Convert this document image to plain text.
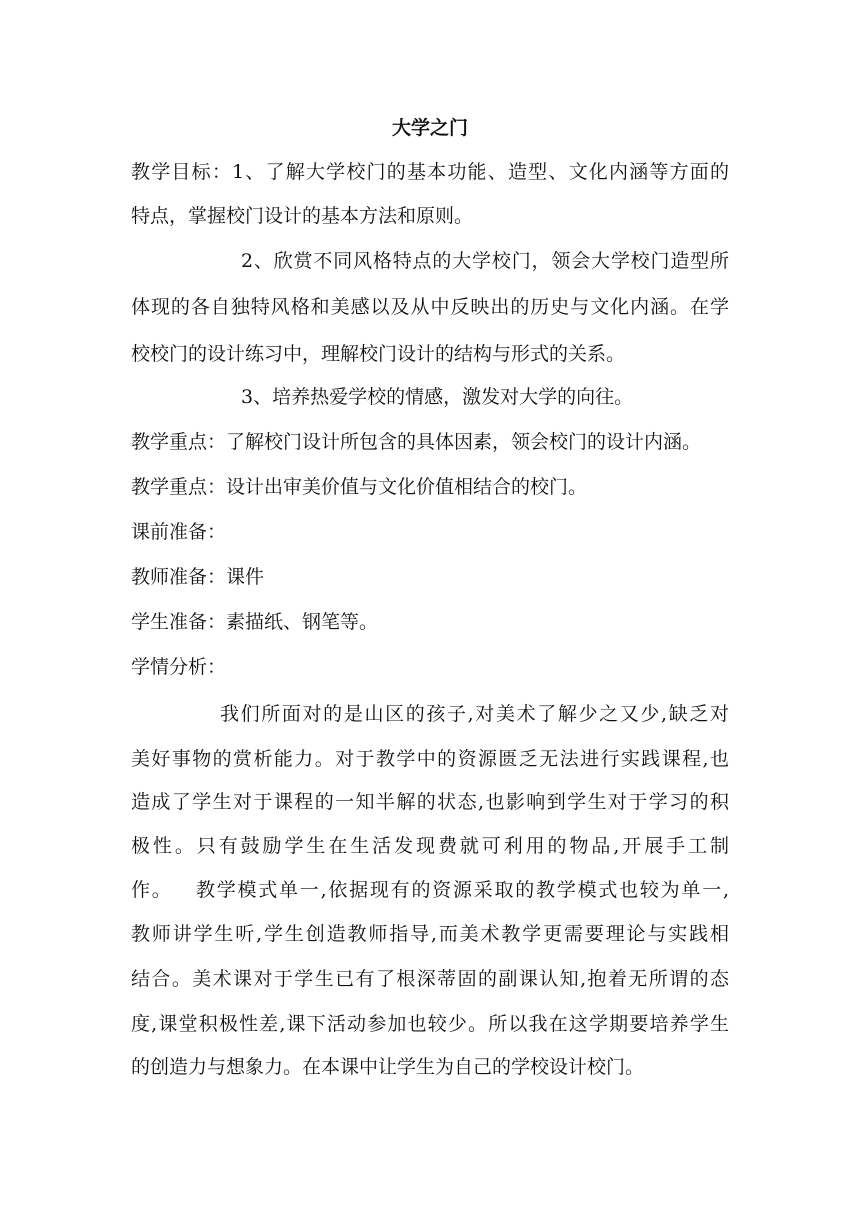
大学之门
教学目标：1、了解大学校门的基本功能、造型、文化内涵等方面的
特点，掌握校门设计的基本方法和原则。
2、欣赏不同风格特点的大学校门，领会大学校门造型所
体现的各自独特风格和美感以及从中反映出的历史与文化内涵。在学
校校门的设计练习中，理解校门设计的结构与形式的关系。
3、培养热爱学校的情感，激发对大学的向往。
教学重点：了解校门设计所包含的具体因素，领会校门的设计内涵。
教学重点：设计出审美价值与文化价值相结合的校门。
课前准备：
教师准备：课件
学生准备：素描纸、钢笔等。
学情分析：
我们所面对的是山区的孩子,对美术了解少之又少,缺乏对
美好事物的赏析能力。对于教学中的资源匮乏无法进行实践课程,也
造成了学生对于课程的一知半解的状态,也影响到学生对于学习的积
极性。只有鼓励学生在生活发现费就可利用的物品,开展手工制
作。   教学模式单一,依据现有的资源采取的教学模式也较为单一,
教师讲学生听,学生创造教师指导,而美术教学更需要理论与实践相
结合。美术课对于学生已有了根深蒂固的副课认知,抱着无所谓的态
度,课堂积极性差,课下活动参加也较少。所以我在这学期要培养学生
的创造力与想象力。在本课中让学生为自己的学校设计校门。
